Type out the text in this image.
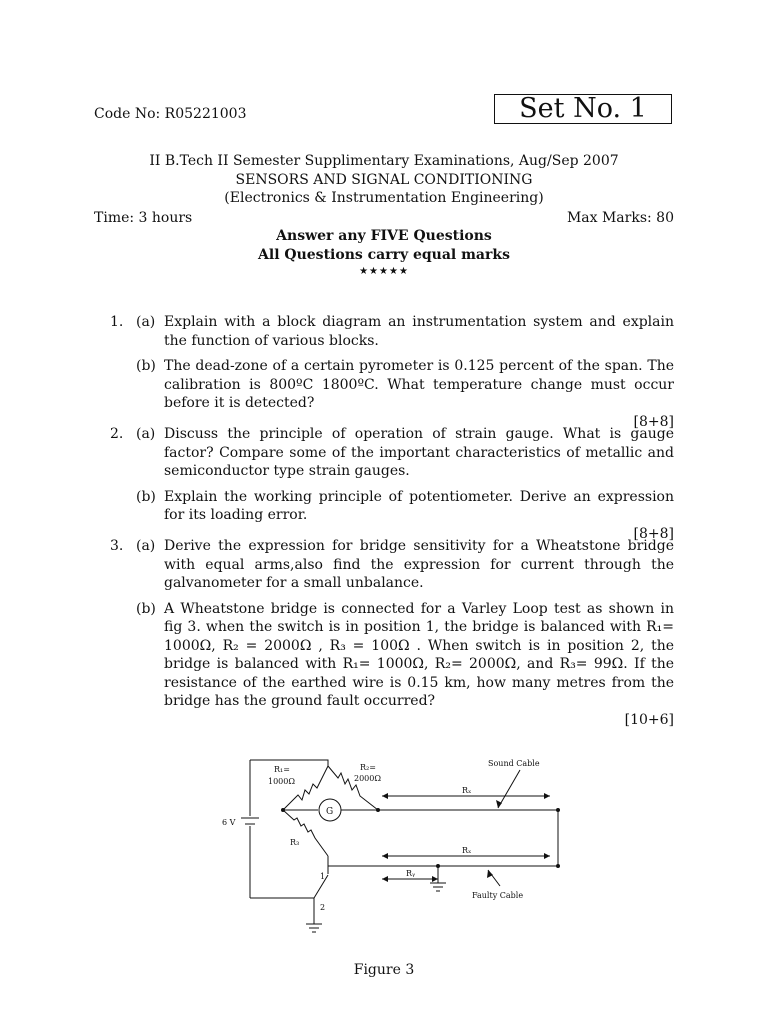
Code No: R05221003	Set No. 1
II B.Tech II Semester Supplimentary Examinations, Aug/Sep 2007
SENSORS AND SIGNAL CONDITIONING
(Electronics & Instrumentation Engineering)
Time: 3 hours	Max Marks: 80
Answer any FIVE Questions
All Questions carry equal marks
★★★★★
1. (a) Explain with a block diagram an instrumentation system and explain the function of various blocks.
(b) The dead-zone of a certain pyrometer is 0.125 percent of the span. The calibration is 800ºC 1800ºC. What temperature change must occur before it is detected?
[8+8]
2. (a) Discuss the principle of operation of strain gauge. What is gauge factor? Compare some of the important characteristics of metallic and semiconductor type strain gauges.
(b) Explain the working principle of potentiometer. Derive an expression for its loading error.
[8+8]
3. (a) Derive the expression for bridge sensitivity for a Wheatstone bridge with equal arms,also find the expression for current through the galvanometer for a small unbalance.
(b) A Wheatstone bridge is connected for a Varley Loop test as shown in fig 3. when the switch is in position 1, the bridge is balanced with R₁= 1000Ω, R₂ = 2000Ω , R₃ = 100Ω . When switch is in position 2, the bridge is balanced with R₁= 1000Ω, R₂= 2000Ω, and R₃= 99Ω. If the resistance of the earthed wire is 0.15 km, how many metres from the bridge has the ground fault occurred?
[10+6]
R₁=
1000Ω
R₂=
2000Ω
R₃
G
6 V
Rₓ
Rₓ
Rᵧ
Sound Cable
Faulty Cable
1
2
Figure 3
